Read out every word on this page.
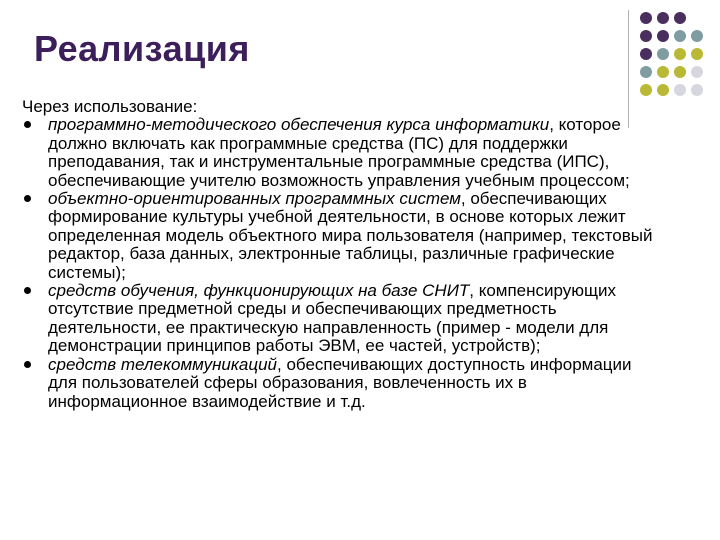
Реализация

Через использование:

программно-методического обеспечения курса информатики, которое должно включать как программные средства (ПС) для поддержки преподавания, так и инструментальные программные средства (ИПС), обеспечивающие учителю возможность управления учебным процессом;
объектно-ориентированных программных систем, обеспечивающих формирование культуры учебной деятельности, в основе которых лежит определенная модель объектного мира пользователя (например, текстовый редактор, база данных, электронные таблицы, различные графические системы);
средств обучения, функционирующих на базе СНИТ, компенсирующих отсутствие предметной среды и обеспечивающих предметность деятельности, ее практическую направленность (пример - модели для демонстрации принципов работы ЭВМ, ее частей, устройств);
средств телекоммуникаций, обеспечивающих доступность информации для пользователей сферы образования, вовлеченность их в информационное взаимодействие и т.д.
